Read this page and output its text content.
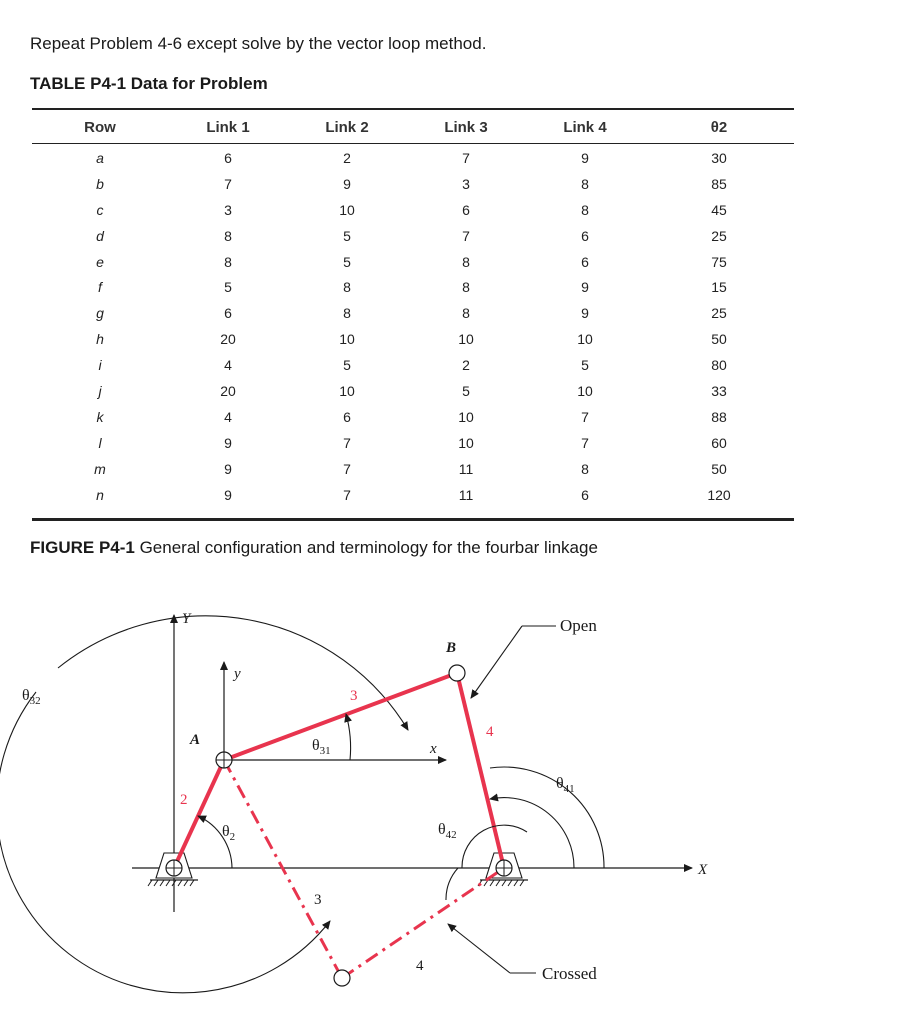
Repeat Problem 4-6 except solve by the vector loop method.
TABLE P4-1 Data for Problem
Row	Link 1	Link 2	Link 3	Link 4	θ2
a	6	2	7	9	30
b	7	9	3	8	85
c	3	10	6	8	45
d	8	5	7	6	25
e	8	5	8	6	75
f	5	8	8	9	15
g	6	8	8	9	25
h	20	10	10	10	50
i	4	5	2	5	80
j	20	10	5	10	33
k	4	6	10	7	88
l	9	7	10	7	60
m	9	7	11	8	50
n	9	7	11	6	120
FIGURE P4-1 General configuration and terminology for the fourbar linkage
Y
y
X
x
A
B
2
3
4
3
4
Open
Crossed
$\theta_2$
$\theta_{31}$
$\theta_{32}$
$\theta_{41}$
$\theta_{42}$
